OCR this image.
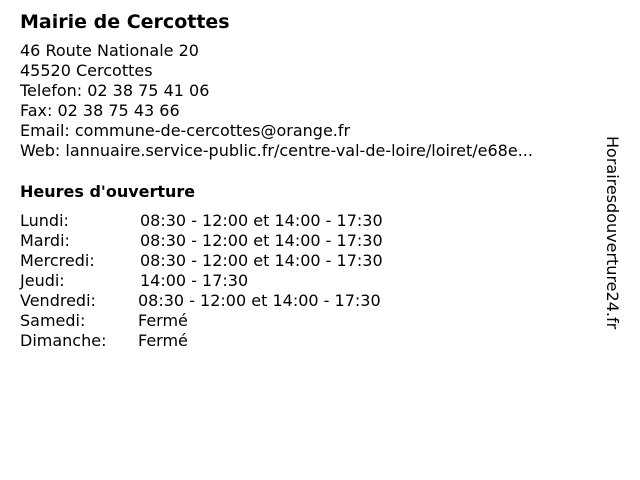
Mairie de Cercottes
46 Route Nationale 20
45520 Cercottes
Telefon: 02 38 75 41 06
Fax: 02 38 75 43 66
Email: commune-de-cercottes@orange.fr
Web: lannuaire.service-public.fr/centre-val-de-loire/loiret/e68e...
Heures d'ouverture
Lundi:	08:30 - 12:00 et 14:00 - 17:30
Mardi:	08:30 - 12:00 et 14:00 - 17:30
Mercredi:	08:30 - 12:00 et 14:00 - 17:30
Jeudi:	14:00 - 17:30
Vendredi:	08:30 - 12:00 et 14:00 - 17:30
Samedi:	Fermé
Dimanche: Fermé
Horairesdouverture24.fr
